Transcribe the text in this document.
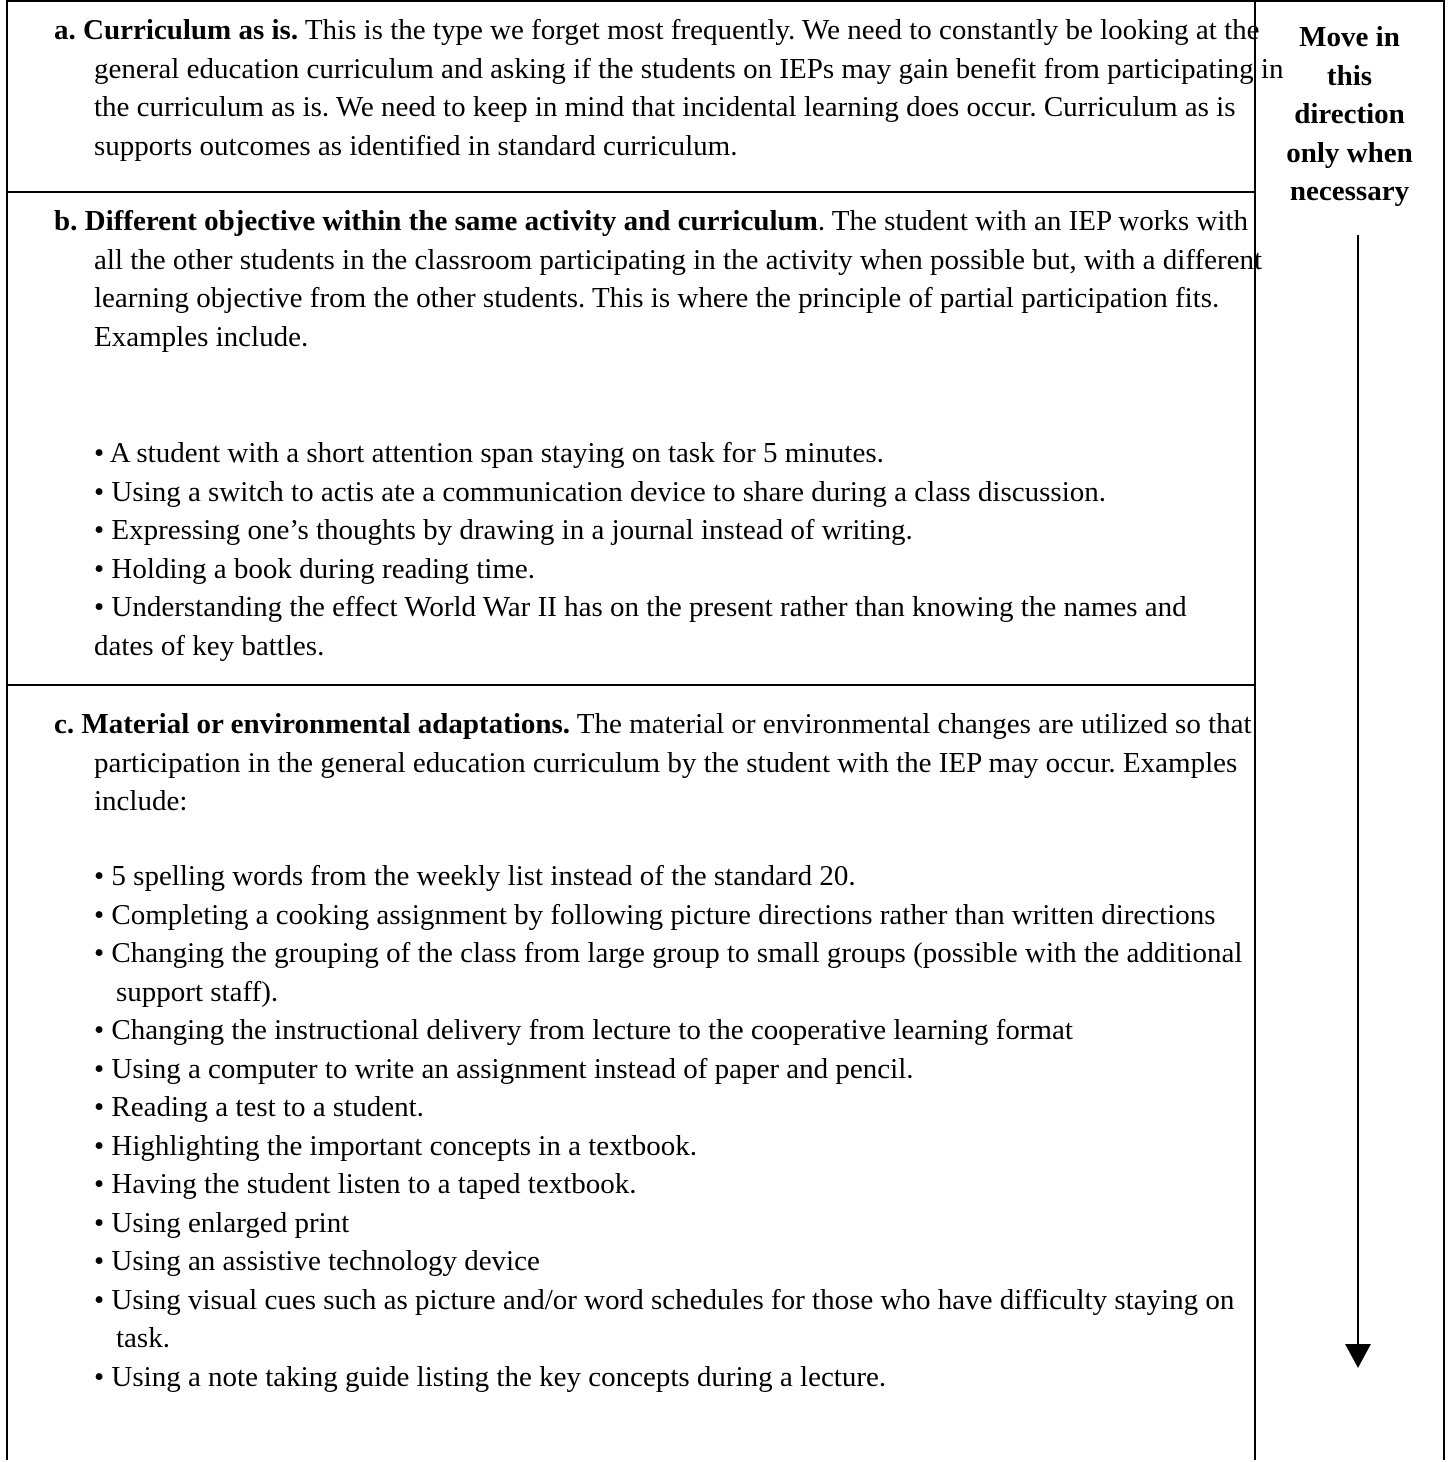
a. Curriculum as is. This is the type we forget most frequently. We need to constantly be looking at the general education curriculum and asking if the students on IEPs may gain benefit from participating in the curriculum as is. We need to keep in mind that incidental learning does occur. Curriculum as is supports outcomes as identified in standard curriculum.

b. Different objective within the same activity and curriculum. The student with an IEP works with all the other students in the classroom participating in the activity when possible but, with a different learning objective from the other students. This is where the principle of partial participation fits. Examples include.

• A student with a short attention span staying on task for 5 minutes.
• Using a switch to actis ate a communication device to share during a class discussion.
• Expressing one’s thoughts by drawing in a journal instead of writing.
• Holding a book during reading time.
• Understanding the effect World War II has on the present rather than knowing the names and dates of key battles.

c. Material or environmental adaptations. The material or environmental changes are utilized so that participation in the general education curriculum by the student with the IEP may occur. Examples include:

• 5 spelling words from the weekly list instead of the standard 20.
• Completing a cooking assignment by following picture directions rather than written directions
• Changing the grouping of the class from large group to small groups (possible with the additional support staff).
• Changing the instructional delivery from lecture to the cooperative learning format
• Using a computer to write an assignment instead of paper and pencil.
• Reading a test to a student.
• Highlighting the important concepts in a textbook.
• Having the student listen to a taped textbook.
• Using enlarged print
• Using an assistive technology device
• Using visual cues such as picture and/or word schedules for those who have difficulty staying on task.
• Using a note taking guide listing the key concepts during a lecture.

Move in this direction only when necessary
